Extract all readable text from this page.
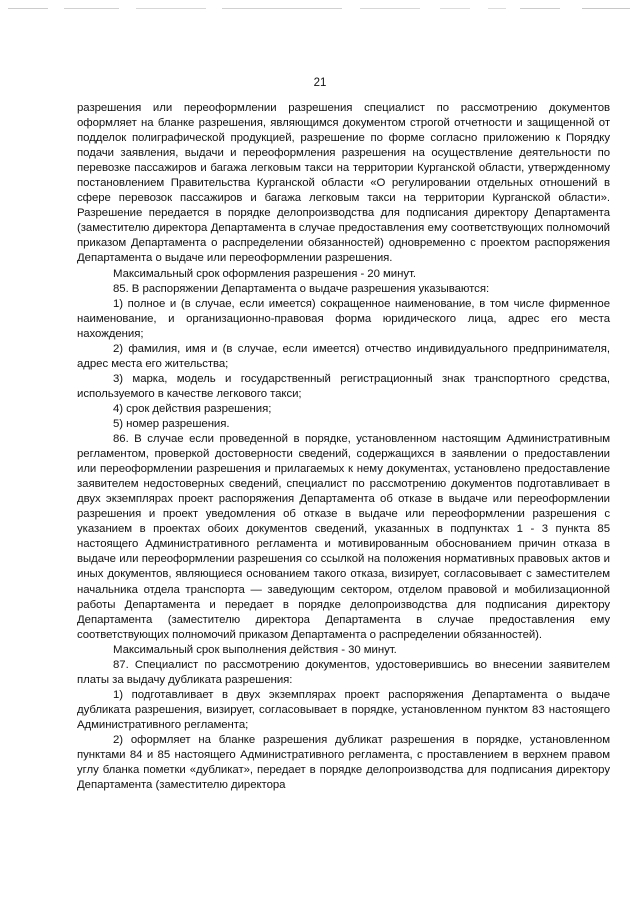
21

разрешения или переоформлении разрешения специалист по рассмотрению документов оформляет на бланке разрешения, являющимся документом строгой отчетности и защищенной от подделок полиграфической продукцией, разрешение по форме согласно приложению к Порядку подачи заявления, выдачи и переоформления разрешения на осуществление деятельности по перевозке пассажиров и багажа легковым такси на территории Курганской области, утвержденному постановлением Правительства Курганской области «О регулировании отдельных отношений в сфере перевозок пассажиров и багажа легковым такси на территории Курганской области». Разрешение передается в порядке делопроизводства для подписания директору Департамента (заместителю директора Департамента в случае предоставления ему соответствующих полномочий приказом Департамента о распределении обязанностей) одновременно с проектом распоряжения Департамента о выдаче или переоформлении разрешения.

Максимальный срок оформления разрешения - 20 минут.

85. В распоряжении Департамента о выдаче разрешения указываются:

1) полное и (в случае, если имеется) сокращенное наименование, в том числе фирменное наименование, и организационно-правовая форма юридического лица, адрес его места нахождения;

2) фамилия, имя и (в случае, если имеется) отчество индивидуального предпринимателя, адрес места его жительства;

3) марка, модель и государственный регистрационный знак транспортного средства, используемого в качестве легкового такси;

4) срок действия разрешения;

5) номер разрешения.

86. В случае если проведенной в порядке, установленном настоящим Административным регламентом, проверкой достоверности сведений, содержащихся в заявлении о предоставлении или переоформлении разрешения и прилагаемых к нему документах, установлено предоставление заявителем недостоверных сведений, специалист по рассмотрению документов подготавливает в двух экземплярах проект распоряжения Департамента об отказе в выдаче или переоформлении разрешения и проект уведомления об отказе в выдаче или переоформлении разрешения с указанием в проектах обоих документов сведений, указанных в подпунктах 1 - 3 пункта 85 настоящего Административного регламента и мотивированным обоснованием причин отказа в выдаче или переоформлении разрешения со ссылкой на положения нормативных правовых актов и иных документов, являющиеся основанием такого отказа, визирует, согласовывает с заместителем начальника отдела транспорта — заведующим сектором, отделом правовой и мобилизационной работы Департамента и передает в порядке делопроизводства для подписания директору Департамента (заместителю директора Департамента в случае предоставления ему соответствующих полномочий приказом Департамента о распределении обязанностей).

Максимальный срок выполнения действия - 30 минут.

87. Специалист по рассмотрению документов, удостоверившись во внесении заявителем платы за выдачу дубликата разрешения:

1) подготавливает в двух экземплярах проект распоряжения Департамента о выдаче дубликата разрешения, визирует, согласовывает в порядке, установленном пунктом 83 настоящего Административного регламента;

2) оформляет на бланке разрешения дубликат разрешения в порядке, установленном пунктами 84 и 85 настоящего Административного регламента, с проставлением в верхнем правом углу бланка пометки «дубликат», передает в порядке делопроизводства для подписания директору Департамента (заместителю директора
